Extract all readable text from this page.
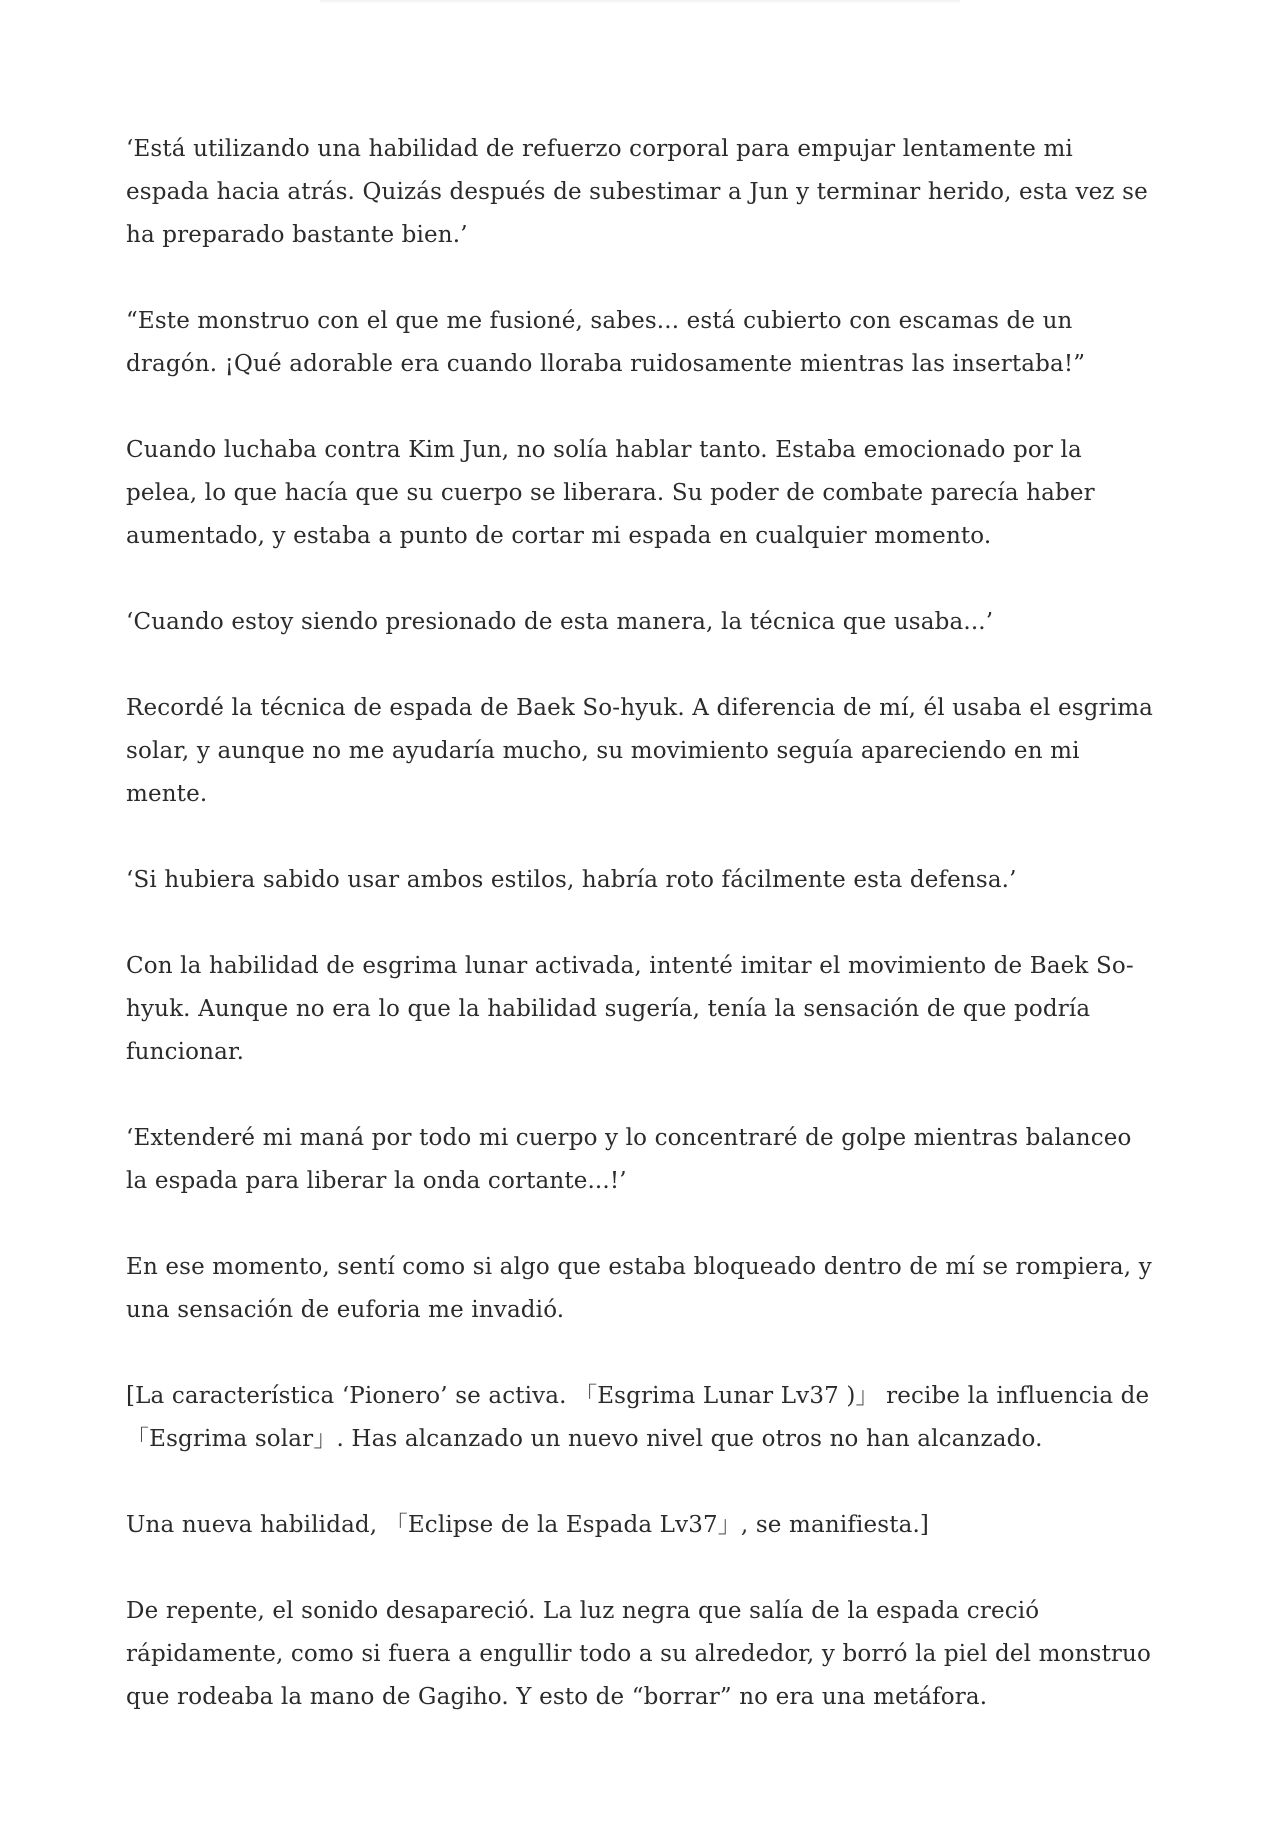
‘Está utilizando una habilidad de refuerzo corporal para empujar lentamente mi espada hacia atrás. Quizás después de subestimar a Jun y terminar herido, esta vez se ha preparado bastante bien.’

“Este monstruo con el que me fusioné, sabes... está cubierto con escamas de un dragón. ¡Qué adorable era cuando lloraba ruidosamente mientras las insertaba!”

Cuando luchaba contra Kim Jun, no solía hablar tanto. Estaba emocionado por la pelea, lo que hacía que su cuerpo se liberara. Su poder de combate parecía haber aumentado, y estaba a punto de cortar mi espada en cualquier momento.

‘Cuando estoy siendo presionado de esta manera, la técnica que usaba...’

Recordé la técnica de espada de Baek So-hyuk. A diferencia de mí, él usaba el esgrima solar, y aunque no me ayudaría mucho, su movimiento seguía apareciendo en mi mente.

‘Si hubiera sabido usar ambos estilos, habría roto fácilmente esta defensa.’

Con la habilidad de esgrima lunar activada, intenté imitar el movimiento de Baek So-hyuk. Aunque no era lo que la habilidad sugería, tenía la sensación de que podría funcionar.

‘Extenderé mi maná por todo mi cuerpo y lo concentraré de golpe mientras balanceo la espada para liberar la onda cortante...!’

En ese momento, sentí como si algo que estaba bloqueado dentro de mí se rompiera, y una sensación de euforia me invadió.

[La característica ‘Pionero’ se activa. 「Esgrima Lunar Lv37 )」 recibe la influencia de 「Esgrima solar」. Has alcanzado un nuevo nivel que otros no han alcanzado.

Una nueva habilidad, 「Eclipse de la Espada Lv37」, se manifiesta.]

De repente, el sonido desapareció. La luz negra que salía de la espada creció rápidamente, como si fuera a engullir todo a su alrededor, y borró la piel del monstruo que rodeaba la mano de Gagiho. Y esto de “borrar” no era una metáfora.
